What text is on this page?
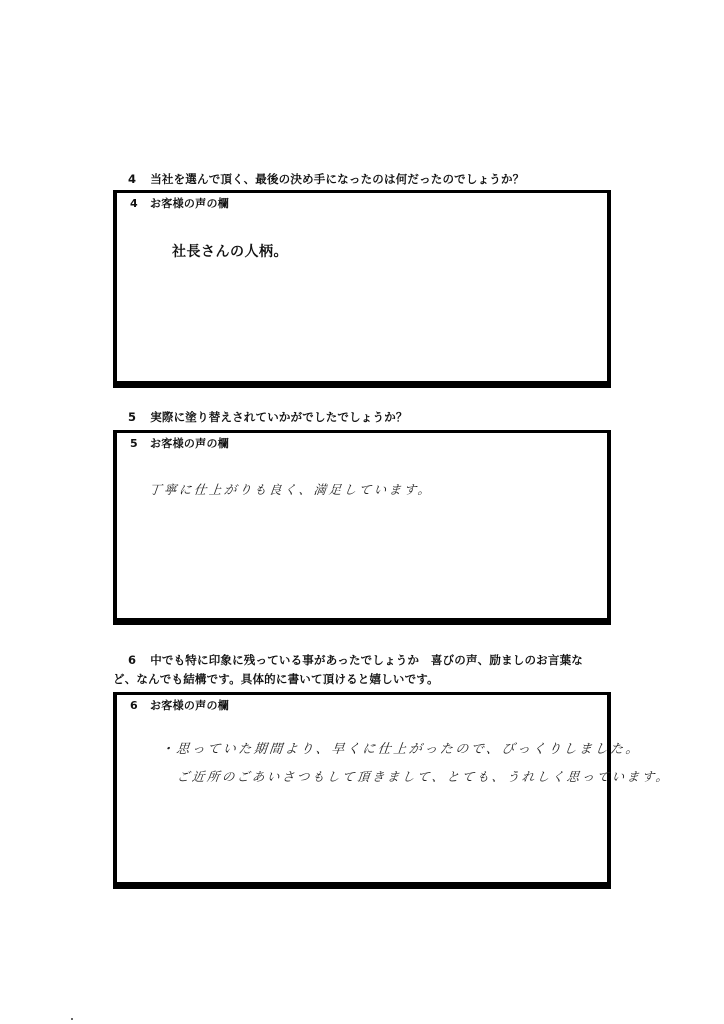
4 当社を選んで頂く、最後の決め手になったのは何だったのでしょうか？
4 お客様の声の欄
社長さんの人柄。
5 実際に塗り替えされていかがでしたでしょうか？
5 お客様の声の欄
丁寧に仕上がりも良く、満足しています。
6 中でも特に印象に残っている事があったでしょうか　喜びの声、励ましのお言葉な
ど、なんでも結構です。具体的に書いて頂けると嬉しいです。
6 お客様の声の欄
・思っていた期間より、早くに仕上がったので、びっくりしました。
ご近所のごあいさつもして頂きまして、とても、うれしく思っています。
